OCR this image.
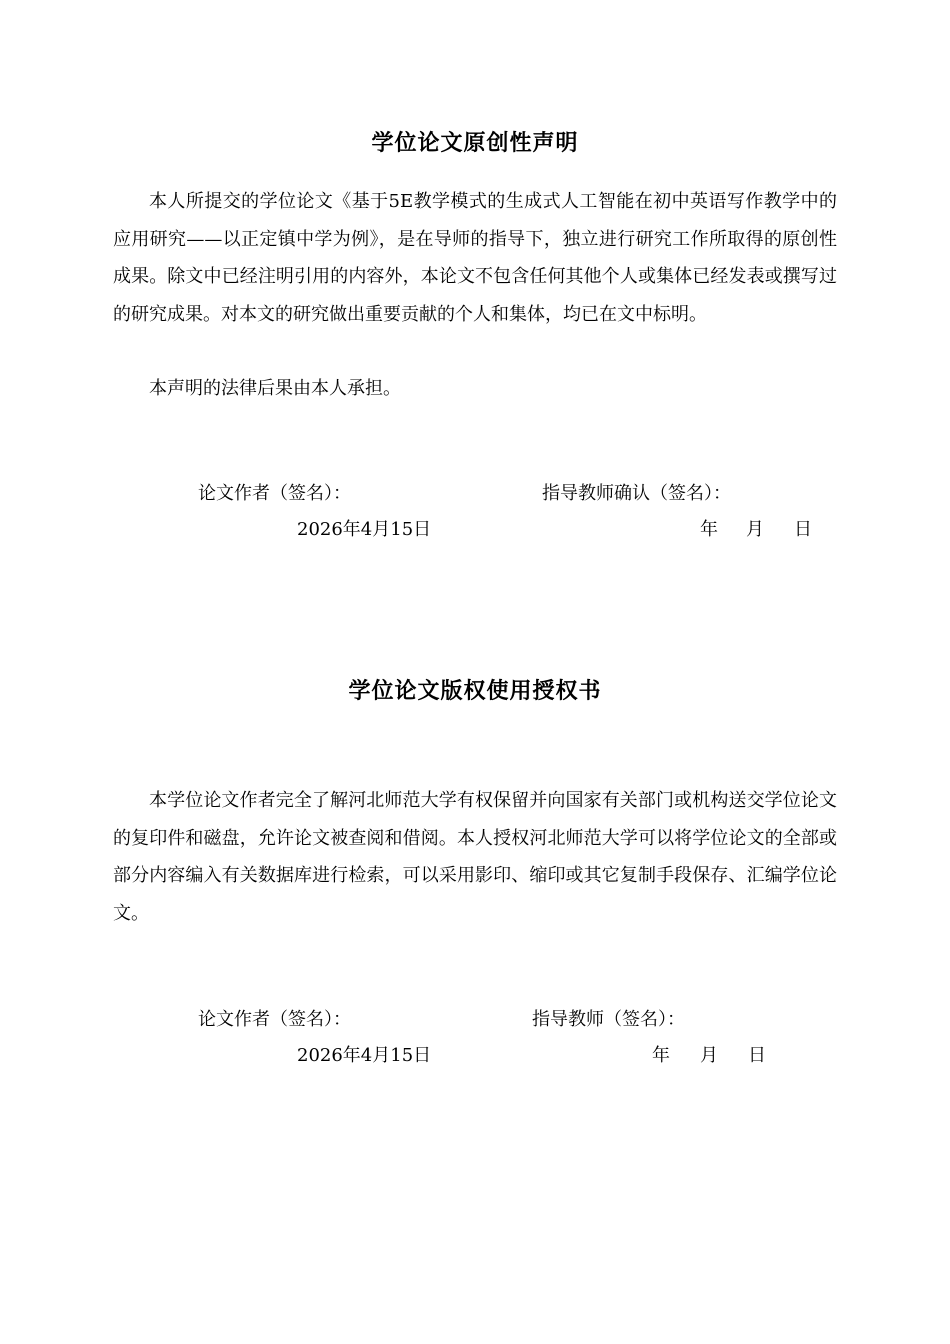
学位论文原创性声明

本人所提交的学位论文《基于5E教学模式的生成式人工智能在初中英语写作教学中的应用研究——以正定镇中学为例》，是在导师的指导下，独立进行研究工作所取得的原创性成果。除文中已经注明引用的内容外，本论文不包含任何其他个人或集体已经发表或撰写过的研究成果。对本文的研究做出重要贡献的个人和集体，均已在文中标明。

本声明的法律后果由本人承担。

论文作者（签名）：	指导教师确认（签名）：
2026年4月15日	年 月 日
学位论文版权使用授权书

本学位论文作者完全了解河北师范大学有权保留并向国家有关部门或机构送交学位论文的复印件和磁盘，允许论文被查阅和借阅。本人授权河北师范大学可以将学位论文的全部或部分内容编入有关数据库进行检索，可以采用影印、缩印或其它复制手段保存、汇编学位论文。

论文作者（签名）：	指导教师（签名）：
2026年4月15日	年 月 日
